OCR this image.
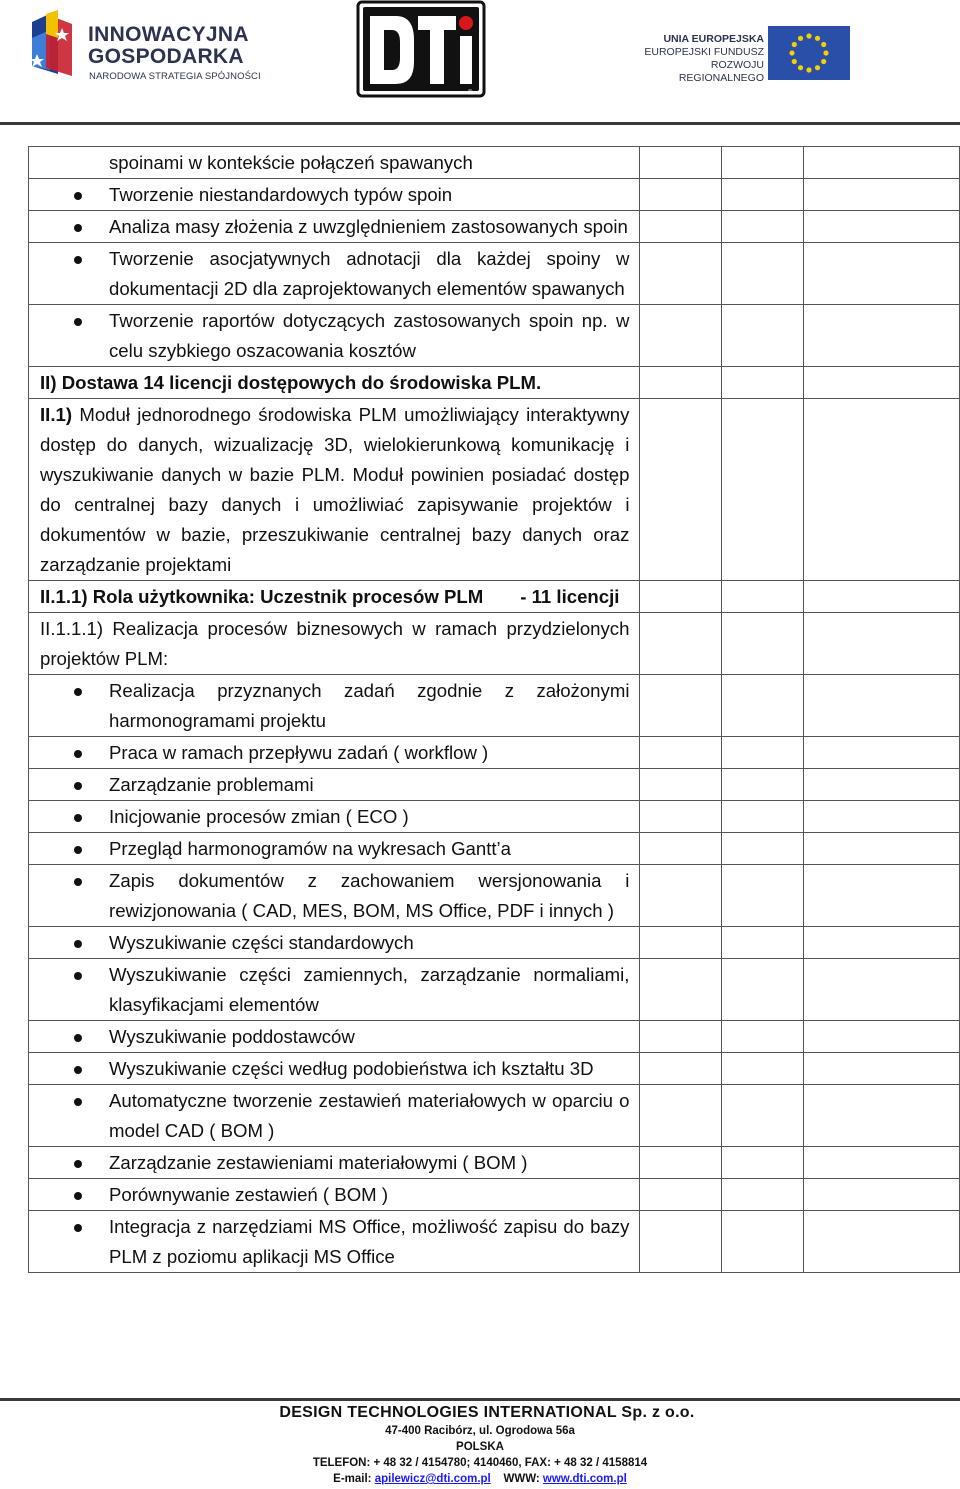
INNOWACYJNA
GOSPODARKA
NARODOWA STRATEGIA SPÓJNOŚCI
®
UNIA EUROPEJSKA
EUROPEJSKI FUNDUSZ
ROZWOJU REGIONALNEGO
spoinami w kontekście połączeń spawanych			

Tworzenie niestandardowych typów spoin			

Analiza masy złożenia z uwzględnieniem zastosowanych spoin			

Tworzenie asocjatywnych adnotacji dla każdej spoiny w dokumentacji 2D dla zaprojektowanych elementów spawanych			

Tworzenie raportów dotyczących zastosowanych spoin np. w celu szybkiego oszacowania kosztów			

II) Dostawa 14 licencji dostępowych do środowiska PLM.			

II.1) Moduł jednorodnego środowiska PLM umożliwiający interaktywny dostęp do danych, wizualizację 3D, wielokierunkową komunikację i wyszukiwanie danych w bazie PLM. Moduł powinien posiadać dostęp do centralnej bazy danych i umożliwiać zapisywanie projektów i dokumentów w bazie, przeszukiwanie centralnej bazy danych oraz zarządzanie projektami			

II.1.1) Rola użytkownika: Uczestnik procesów PLM - 11 licencji			

II.1.1.1) Realizacja procesów biznesowych w ramach przydzielonych projektów PLM:			

Realizacja przyznanych zadań zgodnie z założonymi harmonogramami projektu			

Praca w ramach przepływu zadań ( workflow )			

Zarządzanie problemami			

Inicjowanie procesów zmian ( ECO )			

Przegląd harmonogramów na wykresach Gantt’a			

Zapis dokumentów z zachowaniem wersjonowania i rewizjonowania ( CAD, MES, BOM, MS Office, PDF i innych )			

Wyszukiwanie części standardowych			

Wyszukiwanie części zamiennych, zarządzanie normaliami, klasyfikacjami elementów			

Wyszukiwanie poddostawców			

Wyszukiwanie części według podobieństwa ich kształtu 3D			

Automatyczne tworzenie zestawień materiałowych w oparciu o model CAD ( BOM )			

Zarządzanie zestawieniami materiałowymi ( BOM )			

Porównywanie zestawień ( BOM )			

Integracja z narzędziami MS Office, możliwość zapisu do bazy PLM z poziomu aplikacji MS Office			

DESIGN TECHNOLOGIES INTERNATIONAL Sp. z o.o.
47-400 Racibórz, ul. Ogrodowa 56a
POLSKA
TELEFON: + 48 32 / 4154780; 4140460, FAX: + 48 32 / 4158814
E-mail: apilewicz@dti.com.pl WWW: www.dti.com.pl
